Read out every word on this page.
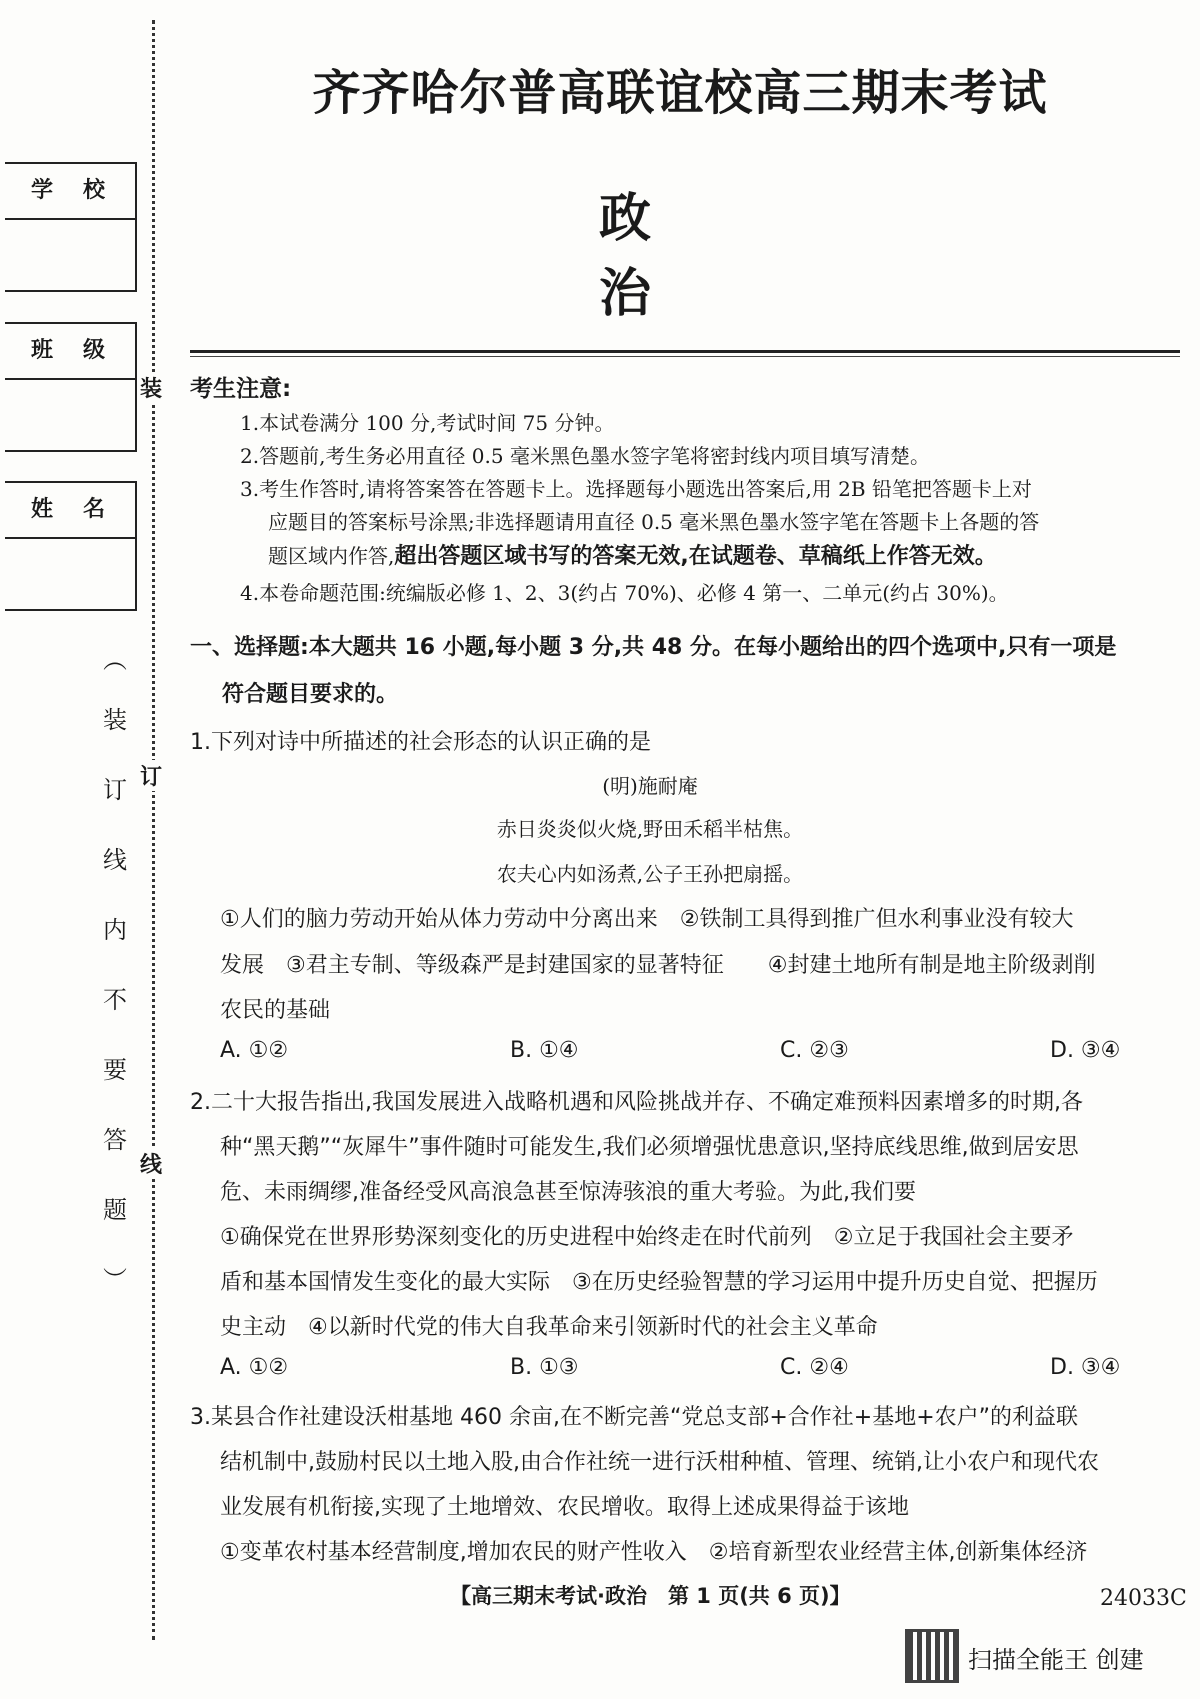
学校
班级
姓名
︵
装
订
线
内
不
要
答
题
︶
装
订
线
齐齐哈尔普高联谊校高三期末考试
政治
考生注意:
1.本试卷满分 100 分,考试时间 75 分钟。
2.答题前,考生务必用直径 0.5 毫米黑色墨水签字笔将密封线内项目填写清楚。
3.考生作答时,请将答案答在答题卡上。选择题每小题选出答案后,用 2B 铅笔把答题卡上对
应题目的答案标号涂黑;非选择题请用直径 0.5 毫米黑色墨水签字笔在答题卡上各题的答
题区域内作答,超出答题区域书写的答案无效,在试题卷、草稿纸上作答无效。
4.本卷命题范围:统编版必修 1、2、3(约占 70%)、必修 4 第一、二单元(约占 30%)。
一、选择题:本大题共 16 小题,每小题 3 分,共 48 分。在每小题给出的四个选项中,只有一项是
符合题目要求的。
1.下列对诗中所描述的社会形态的认识正确的是
(明)施耐庵
赤日炎炎似火烧,野田禾稻半枯焦。
农夫心内如汤煮,公子王孙把扇摇。
①人们的脑力劳动开始从体力劳动中分离出来　②铁制工具得到推广但水利事业没有较大
发展　③君主专制、等级森严是封建国家的显著特征　　④封建土地所有制是地主阶级剥削
农民的基础
A. ①②	B. ①④	C. ②③	D. ③④
2.二十大报告指出,我国发展进入战略机遇和风险挑战并存、不确定难预料因素增多的时期,各
种“黑天鹅”“灰犀牛”事件随时可能发生,我们必须增强忧患意识,坚持底线思维,做到居安思
危、未雨绸缪,准备经受风高浪急甚至惊涛骇浪的重大考验。为此,我们要
①确保党在世界形势深刻变化的历史进程中始终走在时代前列　②立足于我国社会主要矛
盾和基本国情发生变化的最大实际　③在历史经验智慧的学习运用中提升历史自觉、把握历
史主动　④以新时代党的伟大自我革命来引领新时代的社会主义革命
A. ①②	B. ①③	C. ②④	D. ③④
3.某县合作社建设沃柑基地 460 余亩,在不断完善“党总支部+合作社+基地+农户”的利益联
结机制中,鼓励村民以土地入股,由合作社统一进行沃柑种植、管理、统销,让小农户和现代农
业发展有机衔接,实现了土地增效、农民增收。取得上述成果得益于该地
【高三期末考试·政治　第 1 页(共 6 页)】	24033C
①变革农村基本经营制度,增加农民的财产性收入　②培育新型农业经营主体,创新集体经济
扫描全能王 创建
